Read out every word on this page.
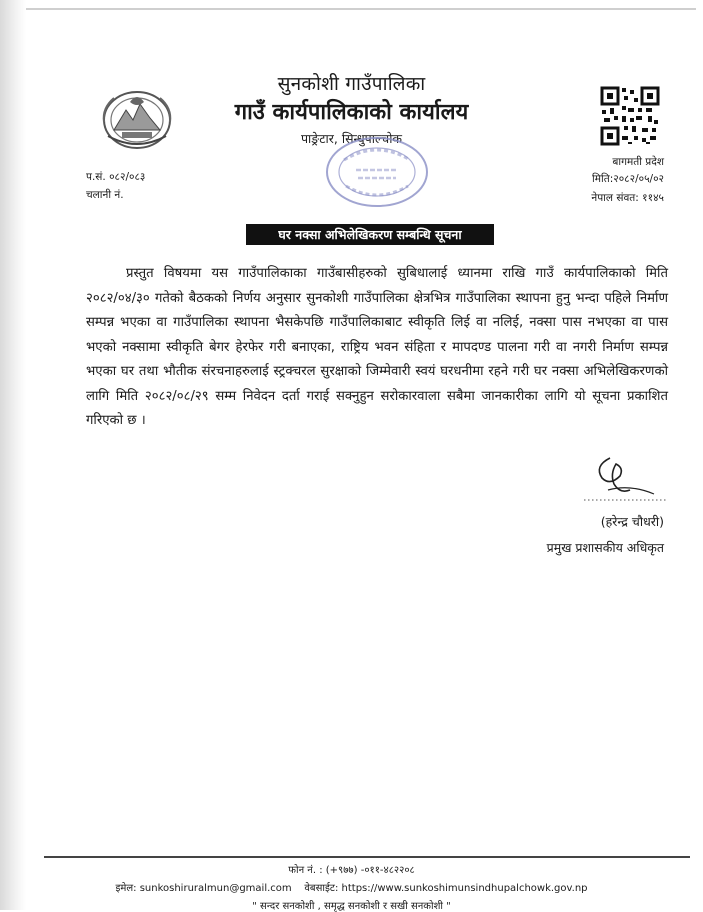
सुनकोशी गाउँपालिका
गाउँ कार्यपालिकाको कार्यालय
पाङ्रेटार, सिन्धुपाल्चोक
प.सं. ०८२/०८३
चलानी नं.
बागमती प्रदेश
मिति:२०८२/०५/०२
नेपाल संवत: ११४५
घर नक्सा अभिलेखिकरण सम्बन्धि सूचना

प्रस्तुत विषयमा यस गाउँपालिकाका गाउँबासीहरुको सुबिधालाई ध्यानमा राखि गाउँ कार्यपालिकाको मिति २०८२/०४/३० गतेको बैठकको निर्णय अनुसार सुनकोशी गाउँपालिका क्षेत्रभित्र गाउँपालिका स्थापना हुनु भन्दा पहिले निर्माण सम्पन्न भएका वा गाउँपालिका स्थापना भैसकेपछि गाउँपालिकाबाट स्वीकृति लिई वा नलिई, नक्सा पास नभएका वा पास भएको नक्सामा स्वीकृति बेगर हेरफेर गरी बनाएका, राष्ट्रिय भवन संहिता र मापदण्ड पालना गरी वा नगरी निर्माण सम्पन्न भएका घर तथा भौतीक संरचनाहरुलाई स्ट्रक्चरल सुरक्षाको जिम्मेवारी स्वयं घरधनीमा रहने गरी घर नक्सा अभिलेखिकरणको लागि मिति २०८२/०८/२९ सम्म निवेदन दर्ता गराई सक्नुहुन सरोकारवाला सबैमा जानकारीका लागि यो सूचना प्रकाशित गरिएको छ ।

(हरेन्द्र चौधरी)
प्रमुख प्रशासकीय अधिकृत
फोन नं. : (+९७७) -०११-४८२२०८
इमेल: sunkoshiruralmun@gmail.com वेबसाईट: https://www.sunkoshimunsindhupalchowk.gov.np
" सन्दर सनकोशी , समृद्ध सनकोशी र सखी सनकोशी "
